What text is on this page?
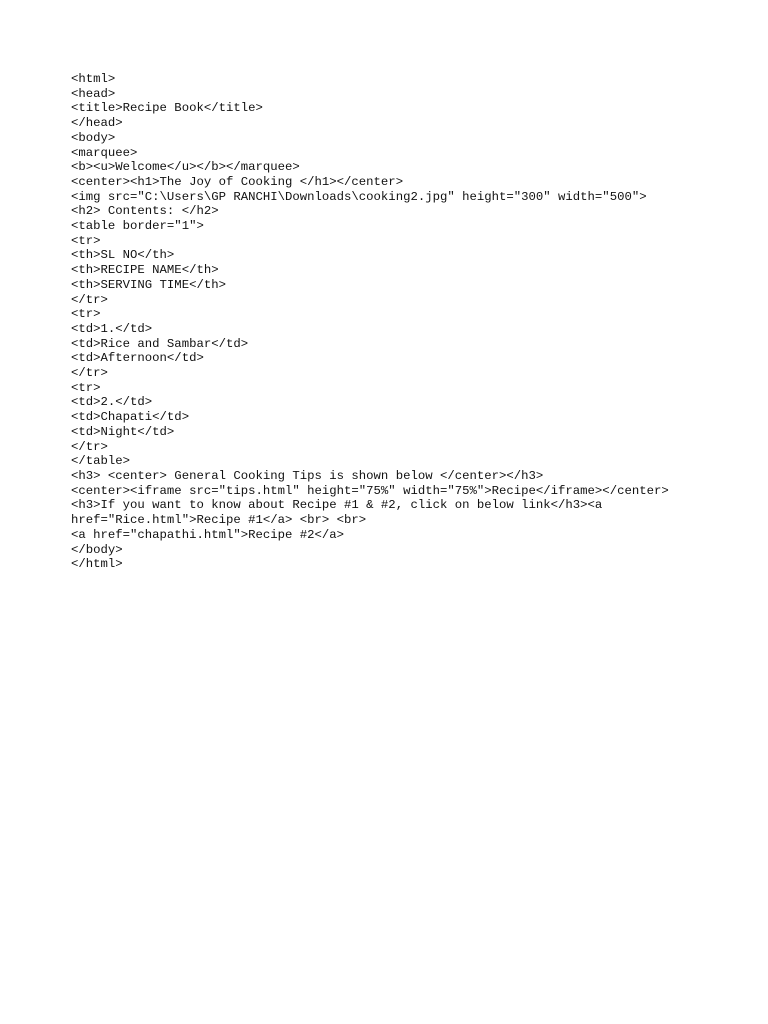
<html>
<head>
<title>Recipe Book</title>
</head>
<body>
<marquee>
<b><u>Welcome</u></b></marquee>
<center><h1>The Joy of Cooking </h1></center>
<img src="C:\Users\GP RANCHI\Downloads\cooking2.jpg" height="300" width="500">
<h2> Contents: </h2>
<table border="1">
<tr>
<th>SL NO</th>
<th>RECIPE NAME</th>
<th>SERVING TIME</th>
</tr>
<tr>
<td>1.</td>
<td>Rice and Sambar</td>
<td>Afternoon</td>
</tr>
<tr>
<td>2.</td>
<td>Chapati</td>
<td>Night</td>
</tr>
</table>
<h3> <center> General Cooking Tips is shown below </center></h3>
<center><iframe src="tips.html" height="75%" width="75%">Recipe</iframe></center>
<h3>If you want to know about Recipe #1 & #2, click on below link</h3><a
href="Rice.html">Recipe #1</a> <br> <br>
<a href="chapathi.html">Recipe #2</a>
</body>
</html>
